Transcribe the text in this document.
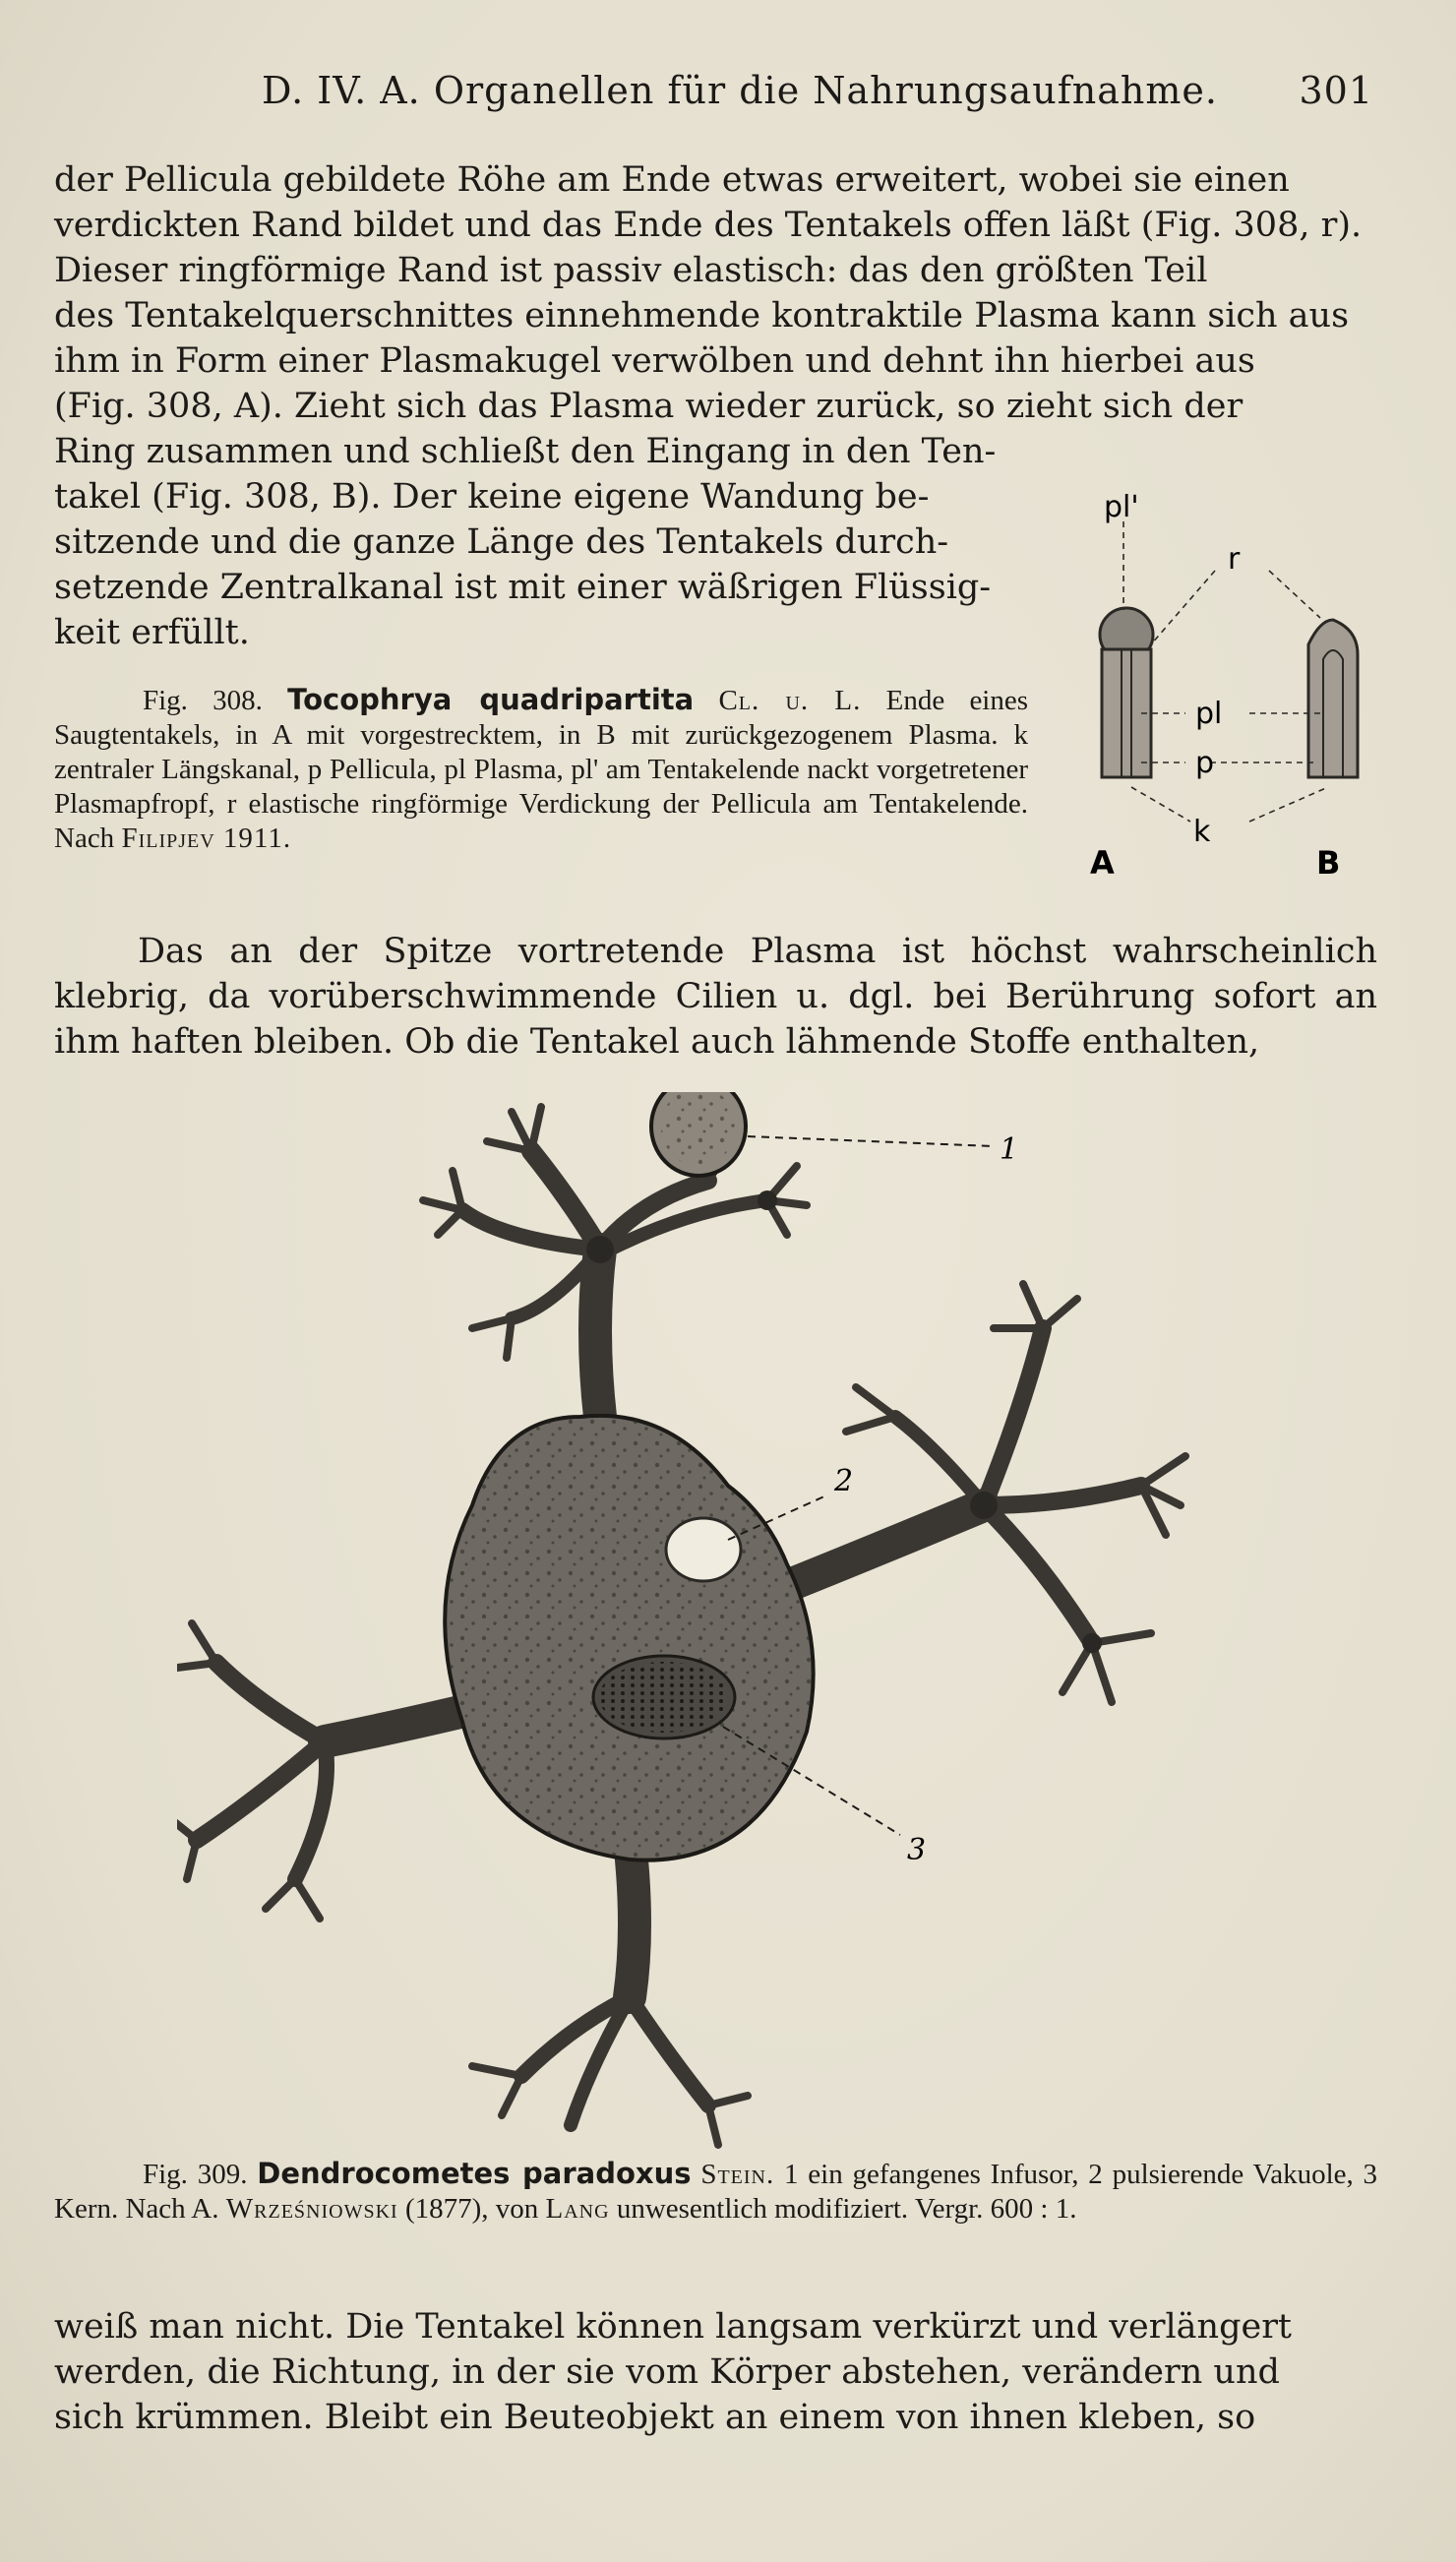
D. IV. A. Organellen für die Nahrungsaufnahme. 301
der Pellicula gebildete Röhe am Ende etwas erweitert, wobei sie einen
verdickten Rand bildet und das Ende des Tentakels offen läßt (Fig. 308, r).
Dieser ringförmige Rand ist passiv elastisch: das den größten Teil
des Tentakelquerschnittes einnehmende kontraktile Plasma kann sich aus
ihm in Form einer Plasmakugel verwölben und dehnt ihn hierbei aus
(Fig. 308, A). Zieht sich das Plasma wieder zurück, so zieht sich der
Ring zusammen und schließt den Eingang in den Ten-
takel (Fig. 308, B). Der keine eigene Wandung be-
sitzende und die ganze Länge des Tentakels durch-
setzende Zentralkanal ist mit einer wäßrigen Flüssig-
keit erfüllt.
Fig. 308. Tocophrya quadripartita Cl. u. L. Ende eines Saugtentakels, in A mit vorgestrecktem, in B mit zurückgezogenem Plasma. k zentraler Längskanal, p Pellicula, pl Plasma, pl' am Tentakelende nackt vorgetretener Plasmapfropf, r elastische ringförmige Verdickung der Pellicula am Tentakelende. Nach Filipjev 1911.
pl'
r
pl
p
k
A	B
Das an der Spitze vortretende Plasma ist höchst wahrscheinlich klebrig, da vorüberschwimmende Cilien u. dgl. bei Berührung sofort an ihm haften bleiben. Ob die Tentakel auch lähmende Stoffe enthalten,
1
2
3
Fig. 309. Dendrocometes paradoxus Stein. 1 ein gefangenes Infusor, 2 pulsierende Vakuole, 3 Kern. Nach A. Wrześniowski (1877), von Lang unwesentlich modifiziert. Vergr. 600 : 1.
weiß man nicht. Die Tentakel können langsam verkürzt und verlängert
werden, die Richtung, in der sie vom Körper abstehen, verändern und
sich krümmen. Bleibt ein Beuteobjekt an einem von ihnen kleben, so
